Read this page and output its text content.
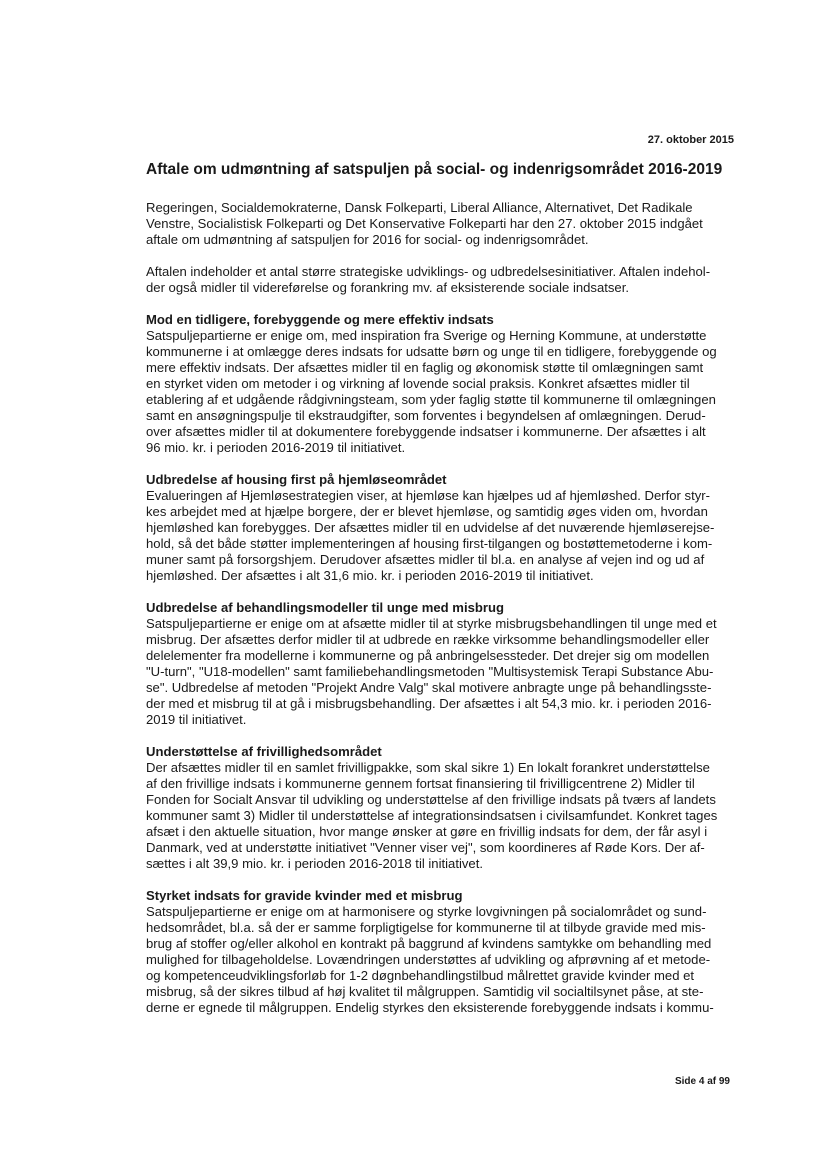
27. oktober 2015
Aftale om udmøntning af satspuljen på social- og indenrigsområdet 2016-2019

Regeringen, Socialdemokraterne, Dansk Folkeparti, Liberal Alliance, Alternativet, Det Radikale
Venstre, Socialistisk Folkeparti og Det Konservative Folkeparti har den 27. oktober 2015 indgået
aftale om udmøntning af satspuljen for 2016 for social- og indenrigsområdet.

Aftalen indeholder et antal større strategiske udviklings- og udbredelsesinitiativer. Aftalen indehol-
der også midler til videreførelse og forankring mv. af eksisterende sociale indsatser.

Mod en tidligere, forebyggende og mere effektiv indsats

Satspuljepartierne er enige om, med inspiration fra Sverige og Herning Kommune, at understøtte
kommunerne i at omlægge deres indsats for udsatte børn og unge til en tidligere, forebyggende og
mere effektiv indsats. Der afsættes midler til en faglig og økonomisk støtte til omlægningen samt
en styrket viden om metoder i og virkning af lovende social praksis. Konkret afsættes midler til
etablering af et udgående rådgivningsteam, som yder faglig støtte til kommunerne til omlægningen
samt en ansøgningspulje til ekstraudgifter, som forventes i begyndelsen af omlægningen. Derud-
over afsættes midler til at dokumentere forebyggende indsatser i kommunerne. Der afsættes i alt
96 mio. kr. i perioden 2016-2019 til initiativet.

Udbredelse af housing first på hjemløseområdet

Evalueringen af Hjemløsestrategien viser, at hjemløse kan hjælpes ud af hjemløshed. Derfor styr-
kes arbejdet med at hjælpe borgere, der er blevet hjemløse, og samtidig øges viden om, hvordan
hjemløshed kan forebygges. Der afsættes midler til en udvidelse af det nuværende hjemløserejse-
hold, så det både støtter implementeringen af housing first-tilgangen og bostøttemetoderne i kom-
muner samt på forsorgshjem. Derudover afsættes midler til bl.a. en analyse af vejen ind og ud af
hjemløshed. Der afsættes i alt 31,6 mio. kr. i perioden 2016-2019 til initiativet.

Udbredelse af behandlingsmodeller til unge med misbrug

Satspuljepartierne er enige om at afsætte midler til at styrke misbrugsbehandlingen til unge med et
misbrug. Der afsættes derfor midler til at udbrede en række virksomme behandlingsmodeller eller
delelementer fra modellerne i kommunerne og på anbringelsessteder. Det drejer sig om modellen
"U-turn", "U18-modellen" samt familiebehandlingsmetoden "Multisystemisk Terapi Substance Abu-
se". Udbredelse af metoden "Projekt Andre Valg" skal motivere anbragte unge på behandlingsste-
der med et misbrug til at gå i misbrugsbehandling. Der afsættes i alt 54,3 mio. kr. i perioden 2016-
2019 til initiativet.

Understøttelse af frivillighedsområdet

Der afsættes midler til en samlet frivilligpakke, som skal sikre 1) En lokalt forankret understøttelse
af den frivillige indsats i kommunerne gennem fortsat finansiering til frivilligcentrene 2) Midler til
Fonden for Socialt Ansvar til udvikling og understøttelse af den frivillige indsats på tværs af landets
kommuner samt 3) Midler til understøttelse af integrationsindsatsen i civilsamfundet. Konkret tages
afsæt i den aktuelle situation, hvor mange ønsker at gøre en frivillig indsats for dem, der får asyl i
Danmark, ved at understøtte initiativet "Venner viser vej", som koordineres af Røde Kors. Der af-
sættes i alt 39,9 mio. kr. i perioden 2016-2018 til initiativet.

Styrket indsats for gravide kvinder med et misbrug

Satspuljepartierne er enige om at harmonisere og styrke lovgivningen på socialområdet og sund-
hedsområdet, bl.a. så der er samme forpligtigelse for kommunerne til at tilbyde gravide med mis-
brug af stoffer og/eller alkohol en kontrakt på baggrund af kvindens samtykke om behandling med
mulighed for tilbageholdelse. Lovændringen understøttes af udvikling og afprøvning af et metode-
og kompetenceudviklingsforløb for 1-2 døgnbehandlingstilbud målrettet gravide kvinder med et
misbrug, så der sikres tilbud af høj kvalitet til målgruppen. Samtidig vil socialtilsynet påse, at ste-
derne er egnede til målgruppen. Endelig styrkes den eksisterende forebyggende indsats i kommu-

Side 4 af 99
